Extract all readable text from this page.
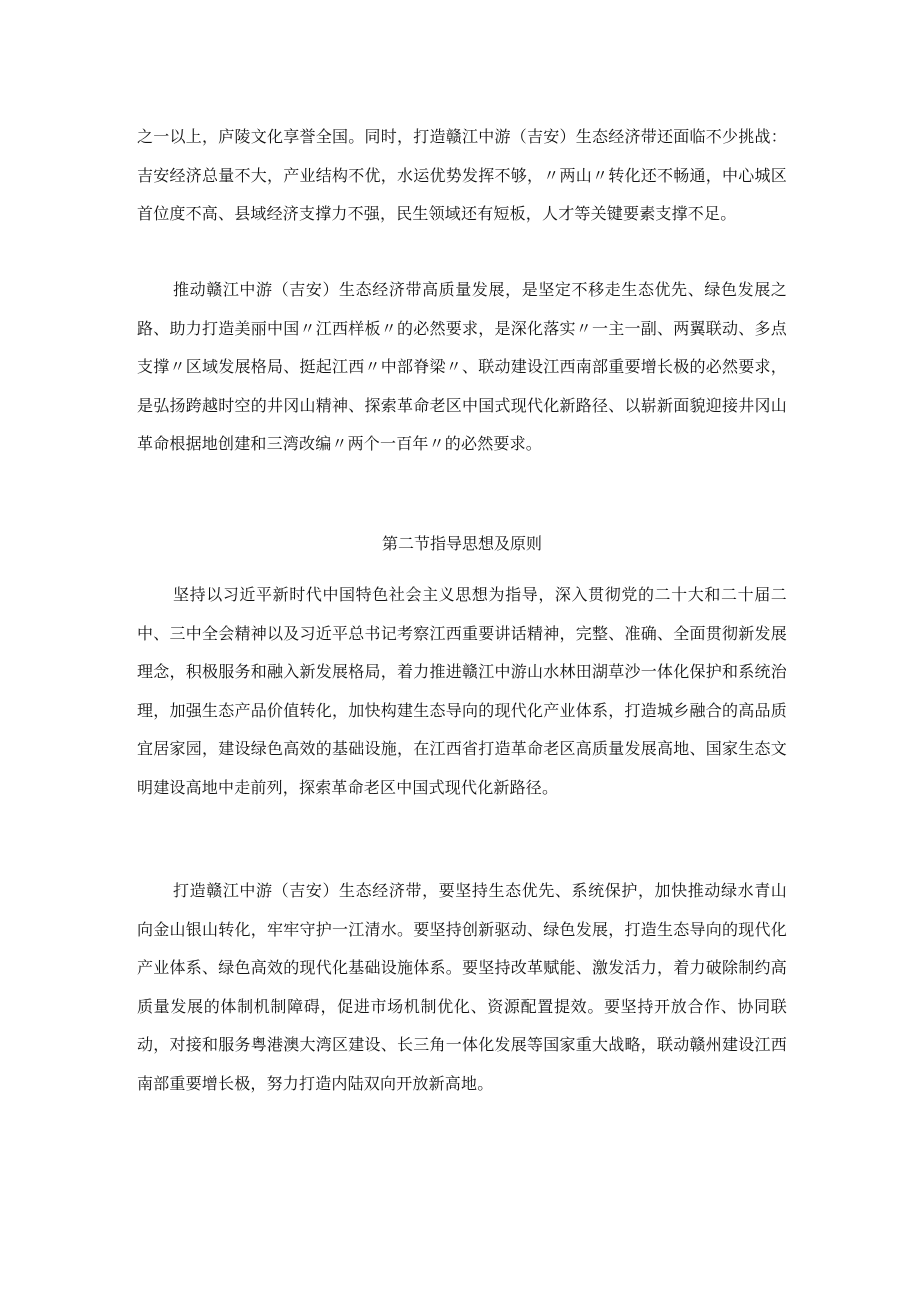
之一以上，庐陵文化享誉全国。同时，打造赣江中游（吉安）生态经济带还面临不少挑战：吉安经济总量不大，产业结构不优，水运优势发挥不够，〃两山〃转化还不畅通，中心城区首位度不高、县域经济支撑力不强，民生领域还有短板，人才等关键要素支撑不足。

推动赣江中游（吉安）生态经济带高质量发展，是坚定不移走生态优先、绿色发展之路、助力打造美丽中国〃江西样板〃的必然要求，是深化落实〃一主一副、两翼联动、多点支撑〃区域发展格局、挺起江西〃中部脊梁〃、联动建设江西南部重要增长极的必然要求，是弘扬跨越时空的井冈山精神、探索革命老区中国式现代化新路径、以崭新面貌迎接井冈山革命根据地创建和三湾改编〃两个一百年〃的必然要求。

第二节指导思想及原则

坚持以习近平新时代中国特色社会主义思想为指导，深入贯彻党的二十大和二十届二中、三中全会精神以及习近平总书记考察江西重要讲话精神，完整、准确、全面贯彻新发展理念，积极服务和融入新发展格局，着力推进赣江中游山水林田湖草沙一体化保护和系统治理，加强生态产品价值转化，加快构建生态导向的现代化产业体系，打造城乡融合的高品质宜居家园，建设绿色高效的基础设施，在江西省打造革命老区高质量发展高地、国家生态文明建设高地中走前列，探索革命老区中国式现代化新路径。

打造赣江中游（吉安）生态经济带，要坚持生态优先、系统保护，加快推动绿水青山向金山银山转化，牢牢守护一江清水。要坚持创新驱动、绿色发展，打造生态导向的现代化产业体系、绿色高效的现代化基础设施体系。要坚持改革赋能、激发活力，着力破除制约高质量发展的体制机制障碍，促进市场机制优化、资源配置提效。要坚持开放合作、协同联动，对接和服务粤港澳大湾区建设、长三角一体化发展等国家重大战略，联动赣州建设江西南部重要增长极，努力打造内陆双向开放新高地。
